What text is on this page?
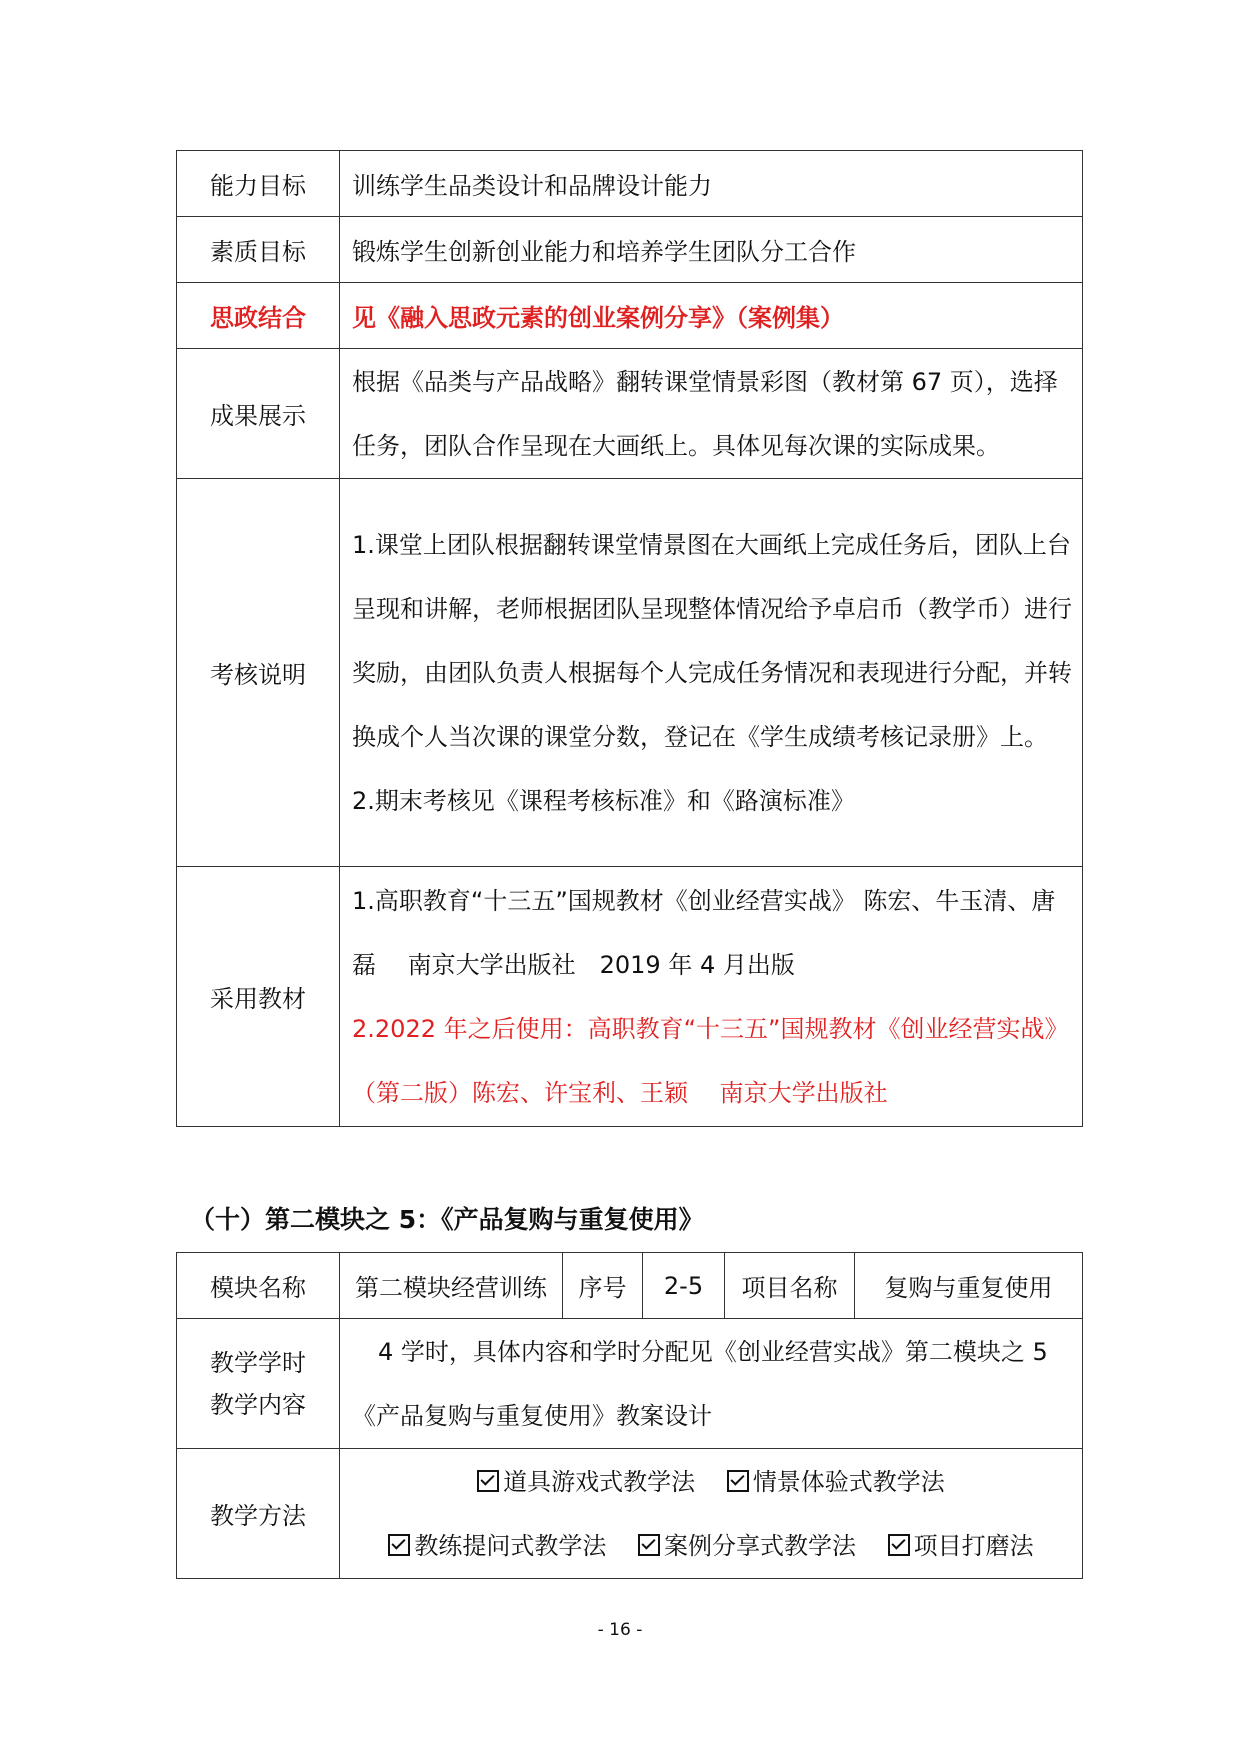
能力目标	训练学生品类设计和品牌设计能力
素质目标	锻炼学生创新创业能力和培养学生团队分工合作
思政结合	见《融入思政元素的创业案例分享》（案例集）
成果展示	根据《品类与产品战略》翻转课堂情景彩图（教材第 67 页），选择任务，团队合作呈现在大画纸上。具体见每次课的实际成果。
考核说明	1.课堂上团队根据翻转课堂情景图在大画纸上完成任务后，团队上台呈现和讲解，老师根据团队呈现整体情况给予卓启币（教学币）进行奖励，由团队负责人根据每个人完成任务情况和表现进行分配，并转换成个人当次课的课堂分数，登记在《学生成绩考核记录册》上。
2.期末考核见《课程考核标准》和《路演标准》

采用教材	1.高职教育“十三五”国规教材《创业经营实战》 陈宏、牛玉清、唐磊　 南京大学出版社　2019 年 4 月出版
2.2022 年之后使用：高职教育“十三五”国规教材《创业经营实战》　（第二版）陈宏、许宝利、王颖　 南京大学出版社
（十）第二模块之 5：《产品复购与重复使用》
模块名称	第二模块经营训练	序号	2-5	项目名称	复购与重复使用

教学学时
教学内容	4 学时，具体内容和学时分配见《创业经营实战》第二模块之 5《产品复购与重复使用》教案设计				
教学方法	道具游戏式教学法 情景体验式教学法
教练提问式教学法 案例分享式教学法 项目打磨法				
- 16 -
